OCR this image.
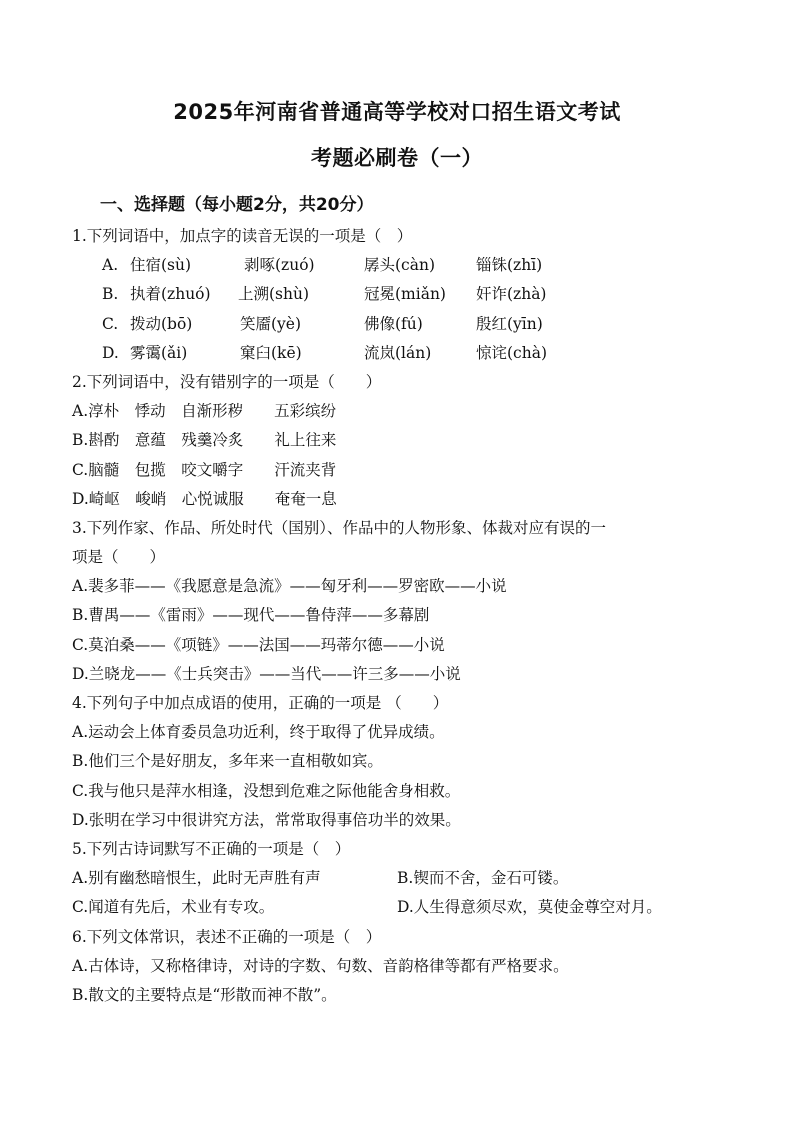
2025年河南省普通高等学校对口招生语文考试
考题必刷卷（一）
一、选择题（每小题2分，共20分）
1.下列词语中，加点字的读音无误的一项是（　）
A. 住宿(sù)	剥啄(zuó)	孱头(càn)	锱铢(zhī)
B. 执着(zhuó) 上溯(shù)	冠冕(miǎn) 奸诈(zhà)
C. 拨动(bō)	笑靥(yè)	佛像(fú)	殷红(yīn)
D. 雾霭(ǎi)	窠臼(kē)	流岚(lán)	惊诧(chà)
2.下列词语中，没有错别字的一项是（　　）
A.淳朴　悸动　自渐形秽　　五彩缤纷
B.斟酌　意蕴　残羹冷炙　　礼上往来
C.脑髓　包揽　咬文嚼字　　汗流夹背
D.崎岖　峻峭　心悦诚服　　奄奄一息
3.下列作家、作品、所处时代（国别）、作品中的人物形象、体裁对应有误的一
项是（　　）
A.裴多菲——《我愿意是急流》——匈牙利——罗密欧——小说
B.曹禺——《雷雨》——现代——鲁侍萍——多幕剧
C.莫泊桑——《项链》——法国——玛蒂尔德——小说
D.兰晓龙——《士兵突击》——当代——许三多——小说
4.下列句子中加点成语的使用，正确的一项是 （　　）
A.运动会上体育委员急功近利，终于取得了优异成绩。
B.他们三个是好朋友，多年来一直相敬如宾。
C.我与他只是萍水相逢，没想到危难之际他能舍身相救。
D.张明在学习中很讲究方法，常常取得事倍功半的效果。
5.下列古诗词默写不正确的一项是（　）
A.别有幽愁暗恨生，此时无声胜有声	B.锲而不舍，金石可镂。
C.闻道有先后，术业有专攻。	D.人生得意须尽欢，莫使金尊空对月。
6.下列文体常识，表述不正确的一项是（　）
A.古体诗，又称格律诗，对诗的字数、句数、音韵格律等都有严格要求。
B.散文的主要特点是“形散而神不散”。
